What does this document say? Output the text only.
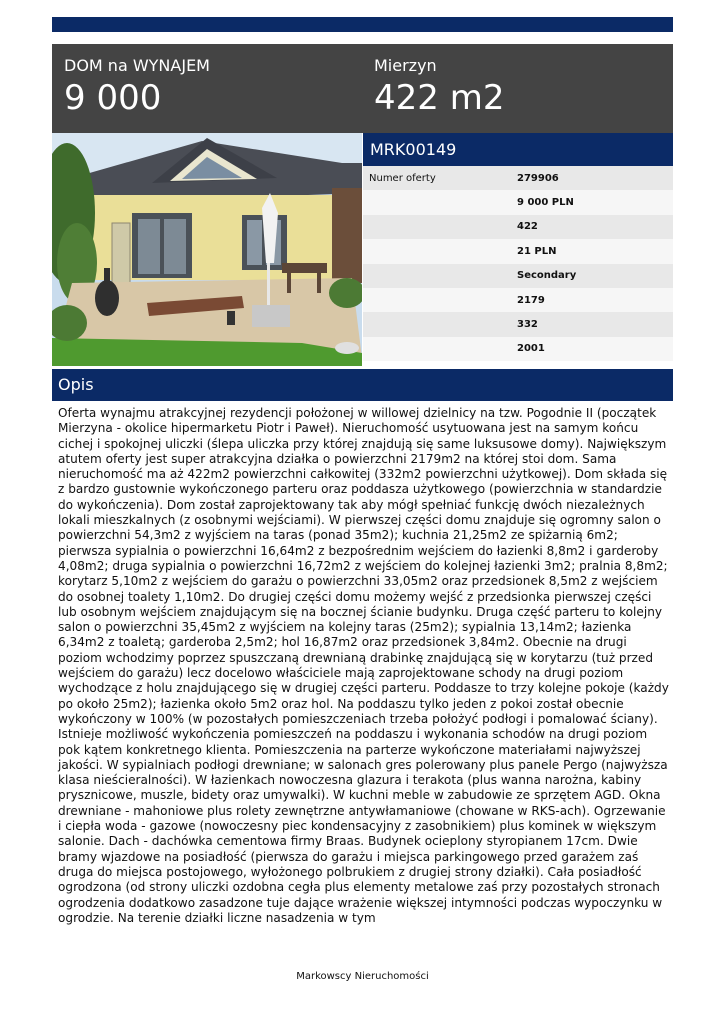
DOM na WYNAJEM
9 000
Mierzyn
422 m2
MRK00149
Numer oferty	279906
9 000 PLN
422
21 PLN
Secondary
2179
332
2001
Opis
Oferta wynajmu atrakcyjnej rezydencji położonej w willowej dzielnicy na tzw. Pogodnie II (początek Mierzyna - okolice hipermarketu Piotr i Paweł). Nieruchomość usytuowana jest na samym końcu cichej i spokojnej uliczki (ślepa uliczka przy której znajdują się same luksusowe domy). Największym atutem oferty jest super atrakcyjna działka o powierzchni 2179m2 na której stoi dom. Sama nieruchomość ma aż 422m2 powierzchni całkowitej (332m2 powierzchni użytkowej). Dom składa się z bardzo gustownie wykończonego parteru oraz poddasza użytkowego (powierzchnia w standardzie do wykończenia). Dom został zaprojektowany tak aby mógł spełniać funkcję dwóch niezależnych lokali mieszkalnych (z osobnymi wejściami). W pierwszej części domu znajduje się ogromny salon o powierzchni 54,3m2 z wyjściem na taras (ponad 35m2); kuchnia 21,25m2 ze spiżarnią 6m2; pierwsza sypialnia o powierzchni 16,64m2 z bezpośrednim wejściem do łazienki 8,8m2 i garderoby 4,08m2; druga sypialnia o powierzchni 16,72m2 z wejściem do kolejnej łazienki 3m2; pralnia 8,8m2; korytarz 5,10m2 z wejściem do garażu o powierzchni 33,05m2 oraz przedsionek 8,5m2 z wejściem do osobnej toalety 1,10m2. Do drugiej części domu możemy wejść z przedsionka pierwszej części lub osobnym wejściem znajdującym się na bocznej ścianie budynku. Druga część parteru to kolejny salon o powierzchni 35,45m2 z wyjściem na kolejny taras (25m2); sypialnia 13,14m2; łazienka 6,34m2 z toaletą; garderoba 2,5m2; hol 16,87m2 oraz przedsionek 3,84m2. Obecnie na drugi poziom wchodzimy poprzez spuszczaną drewnianą drabinkę znajdującą się w korytarzu (tuż przed wejściem do garażu) lecz docelowo właściciele mają zaprojektowane schody na drugi poziom wychodzące z holu znajdującego się w drugiej części parteru. Poddasze to trzy kolejne pokoje (każdy po około 25m2); łazienka około 5m2 oraz hol. Na poddaszu tylko jeden z pokoi został obecnie wykończony w 100% (w pozostałych pomieszczeniach trzeba położyć podłogi i pomalować ściany). Istnieje możliwość wykończenia pomieszczeń na poddaszu i wykonania schodów na drugi poziom pok kątem konkretnego klienta. Pomieszczenia na parterze wykończone materiałami najwyższej jakości. W sypialniach podłogi drewniane; w salonach gres polerowany plus panele Pergo (najwyższa klasa nieścieralności). W łazienkach nowoczesna glazura i terakota (plus wanna narożna, kabiny prysznicowe, muszle, bidety oraz umywalki). W kuchni meble w zabudowie ze sprzętem AGD. Okna drewniane - mahoniowe plus rolety zewnętrzne antywłamaniowe (chowane w RKS-ach). Ogrzewanie i ciepła woda - gazowe (nowoczesny piec kondensacyjny z zasobnikiem) plus kominek w większym salonie. Dach - dachówka cementowa firmy Braas. Budynek ocieplony styropianem 17cm. Dwie bramy wjazdowe na posiadłość (pierwsza do garażu i miejsca parkingowego przed garażem zaś druga do miejsca postojowego, wyłożonego polbrukiem z drugiej strony działki). Cała posiadłość ogrodzona (od strony uliczki ozdobna cegła plus elementy metalowe zaś przy pozostałych stronach ogrodzenia dodatkowo zasadzone tuje dające wrażenie większej intymności podczas wypoczynku w ogrodzie. Na terenie działki liczne nasadzenia w tym
Markowscy Nieruchomości
